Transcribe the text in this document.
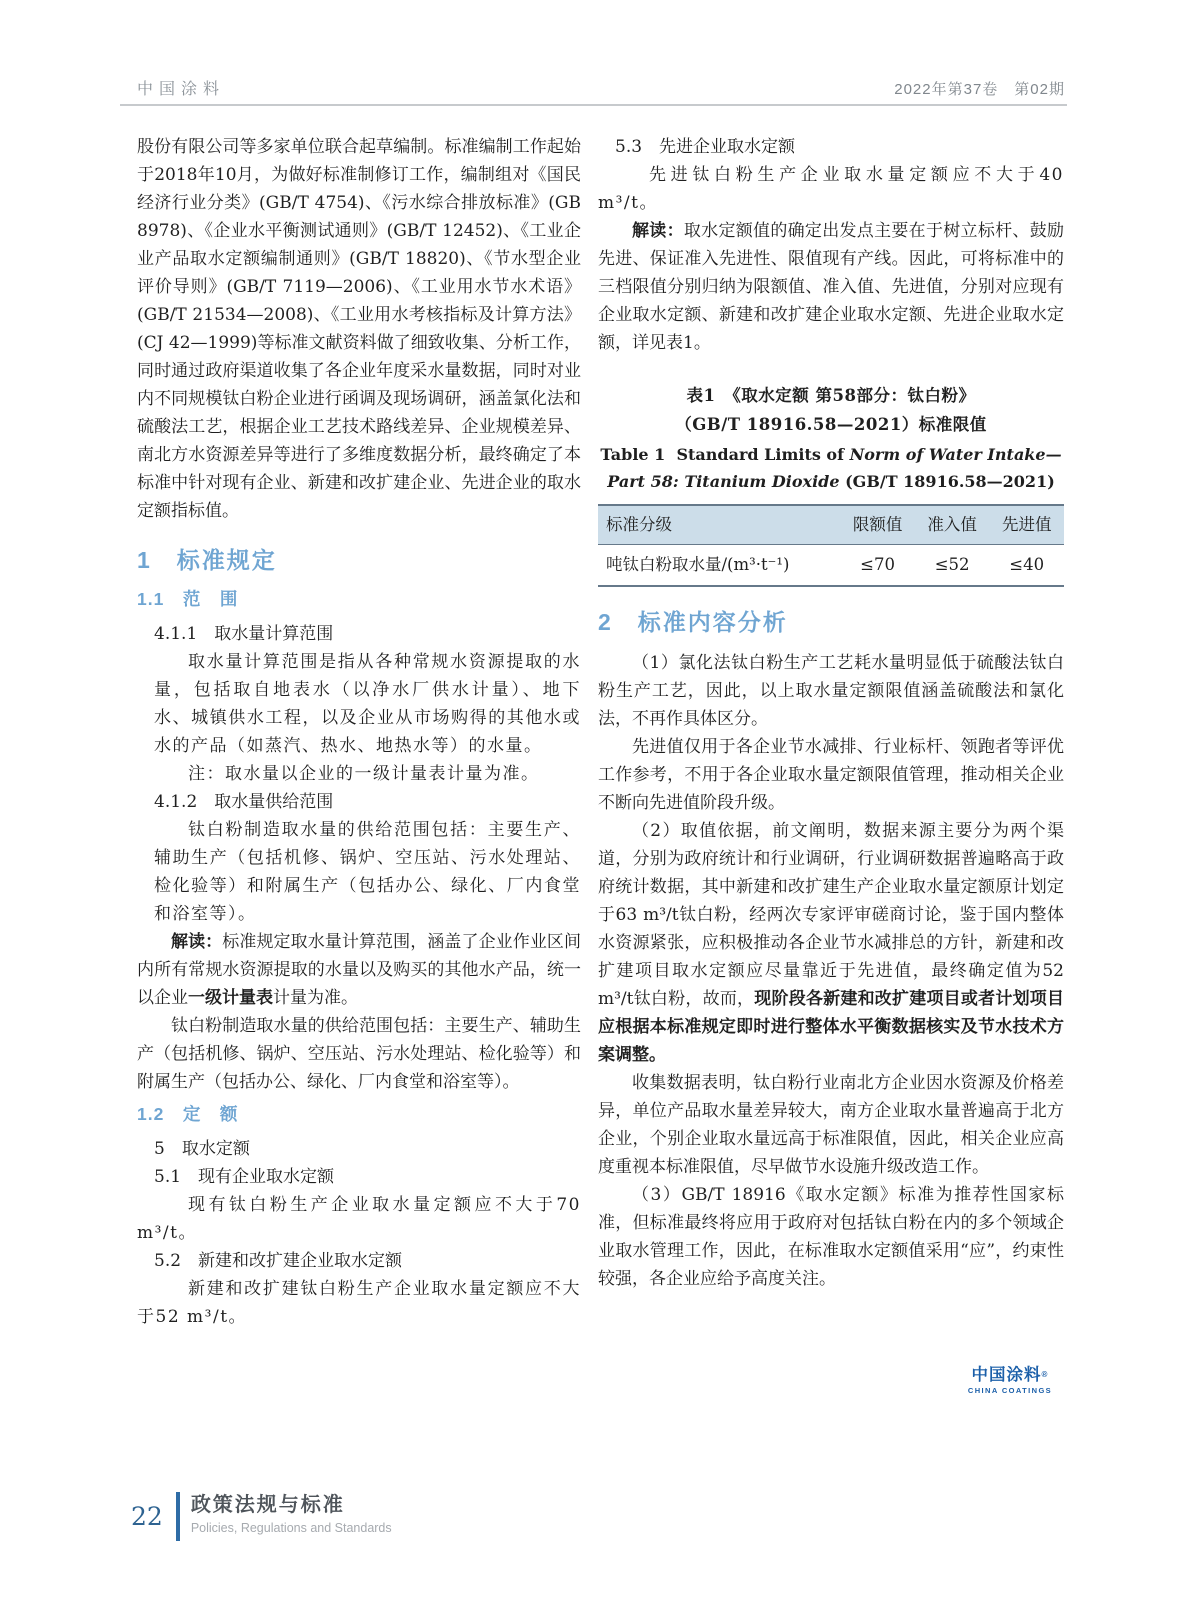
中国涂料	2022年第37卷　第02期

股份有限公司等多家单位联合起草编制。标准编制工作起始于2018年10月，为做好标准制修订工作，编制组对《国民经济行业分类》(GB/T 4754)、《污水综合排放标准》(GB 8978)、《企业水平衡测试通则》(GB/T 12452)、《工业企业产品取水定额编制通则》(GB/T 18820)、《节水型企业评价导则》(GB/T 7119—2006)、《工业用水节水术语》(GB/T 21534—2008)、《工业用水考核指标及计算方法》(CJ 42—1999)等标准文献资料做了细致收集、分析工作，同时通过政府渠道收集了各企业年度采水量数据，同时对业内不同规模钛白粉企业进行函调及现场调研，涵盖氯化法和硫酸法工艺，根据企业工艺技术路线差异、企业规模差异、南北方水资源差异等进行了多维度数据分析，最终确定了本标准中针对现有企业、新建和改扩建企业、先进企业的取水定额指标值。

1　标准规定
1.1　范　围

4.1.1　取水量计算范围

取水量计算范围是指从各种常规水资源提取的水量，包括取自地表水（以净水厂供水计量）、地下水、城镇供水工程，以及企业从市场购得的其他水或水的产品（如蒸汽、热水、地热水等）的水量。

注：取水量以企业的一级计量表计量为准。

4.1.2　取水量供给范围

钛白粉制造取水量的供给范围包括：主要生产、辅助生产（包括机修、锅炉、空压站、污水处理站、检化验等）和附属生产（包括办公、绿化、厂内食堂和浴室等）。

解读：标准规定取水量计算范围，涵盖了企业作业区间内所有常规水资源提取的水量以及购买的其他水产品，统一以企业一级计量表计量为准。

钛白粉制造取水量的供给范围包括：主要生产、辅助生产（包括机修、锅炉、空压站、污水处理站、检化验等）和附属生产（包括办公、绿化、厂内食堂和浴室等）。

1.2　定　额

5　取水定额

5.1　现有企业取水定额

现有钛白粉生产企业取水量定额应不大于70 m³/t。

5.2　新建和改扩建企业取水定额

新建和改扩建钛白粉生产企业取水量定额应不大于52 m³/t。

5.3　先进企业取水定额

先进钛白粉生产企业取水量定额应不大于40 m³/t。

解读：取水定额值的确定出发点主要在于树立标杆、鼓励先进、保证准入先进性、限值现有产线。因此，可将标准中的三档限值分别归纳为限额值、准入值、先进值，分别对应现有企业取水定额、新建和改扩建企业取水定额、先进企业取水定额，详见表1。

表1　《取水定额 第58部分：钛白粉》
（GB/T 18916.58—2021）标准限值
Table 1  Standard Limits of Norm of Water Intake—Part 58: Titanium Dioxide (GB/T 18916.58—2021)
标准分级	限额值	准入值	先进值
吨钛白粉取水量/(m³·t⁻¹)	≤70	≤52	≤40
2　标准内容分析

（1）氯化法钛白粉生产工艺耗水量明显低于硫酸法钛白粉生产工艺，因此，以上取水量定额限值涵盖硫酸法和氯化法，不再作具体区分。

先进值仅用于各企业节水减排、行业标杆、领跑者等评优工作参考，不用于各企业取水量定额限值管理，推动相关企业不断向先进值阶段升级。

（2）取值依据，前文阐明，数据来源主要分为两个渠道，分别为政府统计和行业调研，行业调研数据普遍略高于政府统计数据，其中新建和改扩建生产企业取水量定额原计划定于63 m³/t钛白粉，经两次专家评审磋商讨论，鉴于国内整体水资源紧张，应积极推动各企业节水减排总的方针，新建和改扩建项目取水定额应尽量靠近于先进值，最终确定值为52 m³/t钛白粉，故而，现阶段各新建和改扩建项目或者计划项目应根据本标准规定即时进行整体水平衡数据核实及节水技术方案调整。

收集数据表明，钛白粉行业南北方企业因水资源及价格差异，单位产品取水量差异较大，南方企业取水量普遍高于北方企业，个别企业取水量远高于标准限值，因此，相关企业应高度重视本标准限值，尽早做节水设施升级改造工作。

（3）GB/T 18916《取水定额》标准为推荐性国家标准，但标准最终将应用于政府对包括钛白粉在内的多个领域企业取水管理工作，因此，在标准取水定额值采用“应”，约束性较强，各企业应给予高度关注。

中国涂料®
CHINA COATINGS
22 政策法规与标准
Policies, Regulations and Standards
